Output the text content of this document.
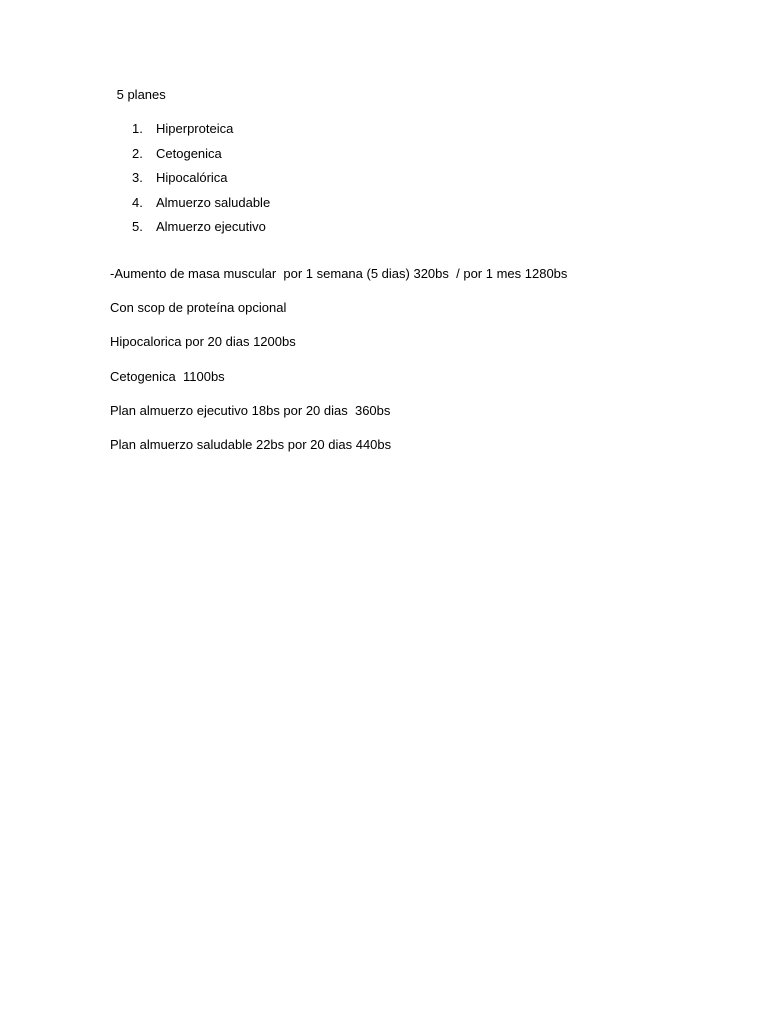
5 planes
1. Hiperproteica
2. Cetogenica
3. Hipocalórica
4. Almuerzo saludable
5. Almuerzo ejecutivo

-Aumento de masa muscular  por 1 semana (5 dias) 320bs  / por 1 mes 1280bs

Con scop de proteína opcional

Hipocalorica por 20 dias 1200bs

Cetogenica  1100bs

Plan almuerzo ejecutivo 18bs por 20 dias  360bs

Plan almuerzo saludable 22bs por 20 dias 440bs
